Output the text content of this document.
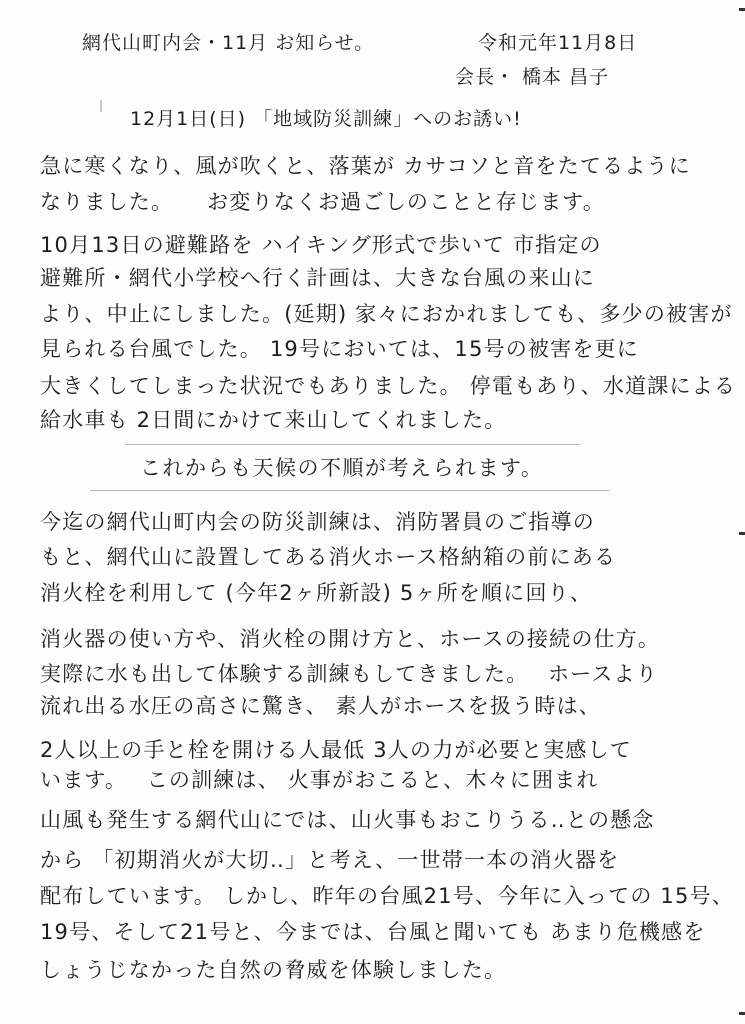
網代山町内会・11月 お知らせ。	令和元年11月8日
会長・ 橋本 昌子
12月1日(日) 「地域防災訓練」へのお誘い!
急に寒くなり、風が吹くと、落葉が カサコソと音をたてるように
なりました。　　お変りなくお過ごしのことと存じます。
10月13日の避難路を ハイキング形式で歩いて 市指定の
避難所・網代小学校へ行く計画は、大きな台風の来山に
より、中止にしました。(延期) 家々におかれましても、多少の被害が
見られる台風でした。 19号においては、15号の被害を更に
大きくしてしまった状況でもありました。 停電もあり、水道課による
給水車も 2日間にかけて来山してくれました。
これからも天候の不順が考えられます。
今迄の網代山町内会の防災訓練は、消防署員のご指導の
もと、網代山に設置してある消火ホース格納箱の前にある
消火栓を利用して (今年2ヶ所新設) 5ヶ所を順に回り、
消火器の使い方や、消火栓の開け方と、ホースの接続の仕方。
実際に水も出して体験する訓練もしてきました。　 ホースより
流れ出る水圧の高さに驚き、 素人がホースを扱う時は、
2人以上の手と栓を開ける人最低 3人の力が必要と実感して
います。　 この訓練は、 火事がおこると、木々に囲まれ
山風も発生する網代山にでは、山火事もおこりうる‥との懸念
から 「初期消火が大切‥」と考え、一世帯一本の消火器を
配布しています。 しかし、昨年の台風21号、今年に入っての 15号、
19号、そして21号と、今までは、台風と聞いても あまり危機感を
しょうじなかった自然の脅威を体験しました。
